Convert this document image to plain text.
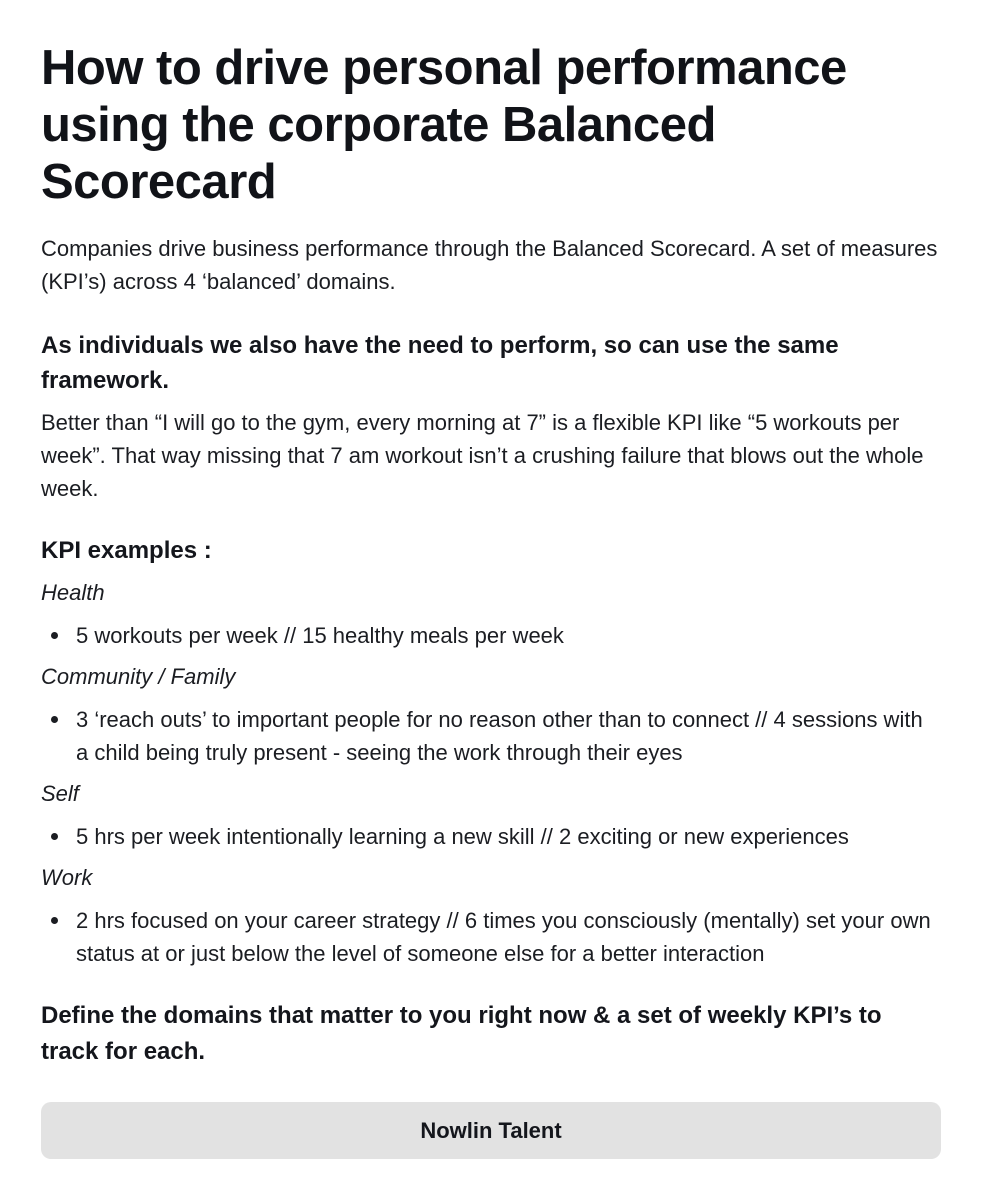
How to drive personal performance using the corporate Balanced Scorecard

Companies drive business performance through the Balanced Scorecard. A set of measures (KPI’s) across 4 ‘balanced’ domains.

As individuals we also have the need to perform, so can use the same framework.

Better than “I will go to the gym, every morning at 7” is a flexible KPI like “5 workouts per week”. That way missing that 7 am workout isn’t a crushing failure that blows out the whole week.

KPI examples :

Health

5 workouts per week // 15 healthy meals per week

Community / Family

3 ‘reach outs’ to important people for no reason other than to connect // 4 sessions with a child being truly present - seeing the work through their eyes

Self

5 hrs per week intentionally learning a new skill // 2 exciting or new experiences

Work

2 hrs focused on your career strategy // 6 times you consciously (mentally) set your own status at or just below the level of someone else for a better interaction

Define the domains that matter to you right now & a set of weekly KPI’s to track for each.

Nowlin Talent
